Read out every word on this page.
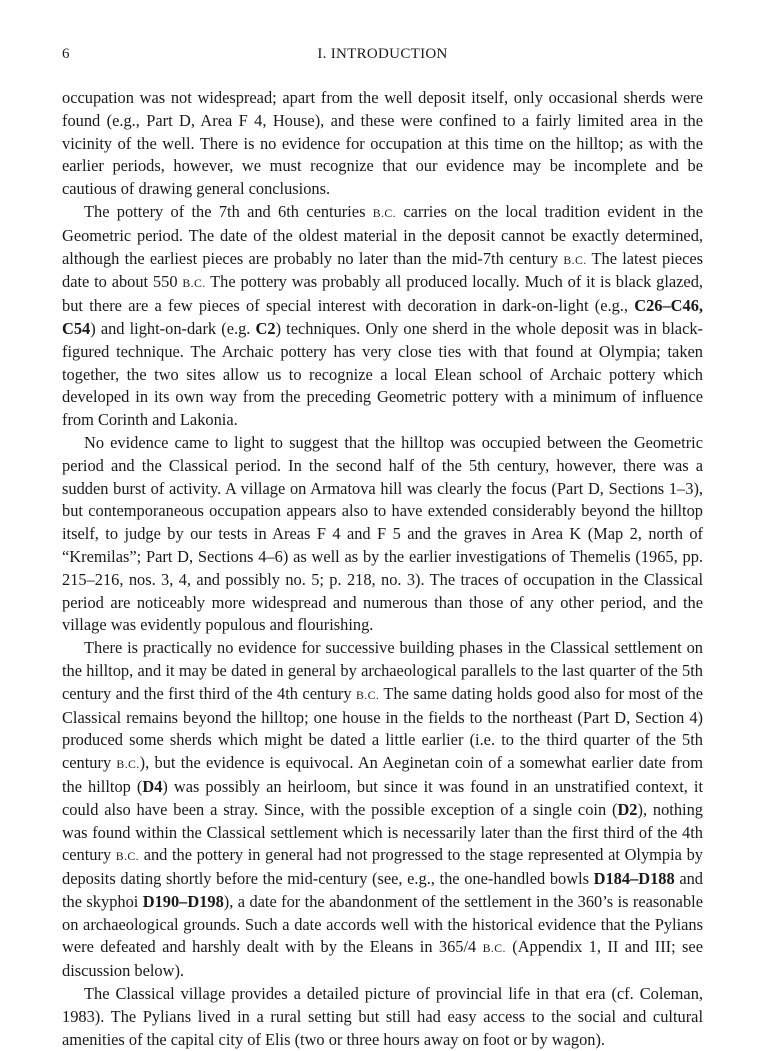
6	I. INTRODUCTION

occupation was not widespread; apart from the well deposit itself, only occasional sherds were found (e.g., Part D, Area F 4, House), and these were confined to a fairly limited area in the vicinity of the well. There is no evidence for occupation at this time on the hilltop; as with the earlier periods, however, we must recognize that our evidence may be incomplete and be cautious of drawing general conclusions.

The pottery of the 7th and 6th centuries B.C. carries on the local tradition evident in the Geometric period. The date of the oldest material in the deposit cannot be exactly determined, although the earliest pieces are probably no later than the mid-7th century B.C. The latest pieces date to about 550 B.C. The pottery was probably all produced locally. Much of it is black glazed, but there are a few pieces of special interest with decoration in dark-on-light (e.g., C26–C46, C54) and light-on-dark (e.g. C2) techniques. Only one sherd in the whole deposit was in black-figured technique. The Archaic pottery has very close ties with that found at Olympia; taken together, the two sites allow us to recognize a local Elean school of Archaic pottery which developed in its own way from the preceding Geometric pottery with a minimum of influence from Corinth and Lakonia.

No evidence came to light to suggest that the hilltop was occupied between the Geometric period and the Classical period. In the second half of the 5th century, however, there was a sudden burst of activity. A village on Armatova hill was clearly the focus (Part D, Sections 1–3), but contemporaneous occupation appears also to have extended considerably beyond the hilltop itself, to judge by our tests in Areas F 4 and F 5 and the graves in Area K (Map 2, north of “Kremilas”; Part D, Sections 4–6) as well as by the earlier investigations of Themelis (1965, pp. 215–216, nos. 3, 4, and possibly no. 5; p. 218, no. 3). The traces of occupation in the Classical period are noticeably more widespread and numerous than those of any other period, and the village was evidently populous and flourishing.

There is practically no evidence for successive building phases in the Classical settlement on the hilltop, and it may be dated in general by archaeological parallels to the last quarter of the 5th century and the first third of the 4th century B.C. The same dating holds good also for most of the Classical remains beyond the hilltop; one house in the fields to the northeast (Part D, Section 4) produced some sherds which might be dated a little earlier (i.e. to the third quarter of the 5th century B.C.), but the evidence is equivocal. An Aeginetan coin of a somewhat earlier date from the hilltop (D4) was possibly an heirloom, but since it was found in an unstratified context, it could also have been a stray. Since, with the possible exception of a single coin (D2), nothing was found within the Classical settlement which is necessarily later than the first third of the 4th century B.C. and the pottery in general had not progressed to the stage represented at Olympia by deposits dating shortly before the mid-century (see, e.g., the one-handled bowls D184–D188 and the skyphoi D190–D198), a date for the abandonment of the settlement in the 360’s is reasonable on archaeological grounds. Such a date accords well with the historical evidence that the Pylians were defeated and harshly dealt with by the Eleans in 365/4 B.C. (Appendix 1, II and III; see discussion below).

The Classical village provides a detailed picture of provincial life in that era (cf. Coleman, 1983). The Pylians lived in a rural setting but still had easy access to the social and cultural amenities of the capital city of Elis (two or three hours away on foot or by wagon).
